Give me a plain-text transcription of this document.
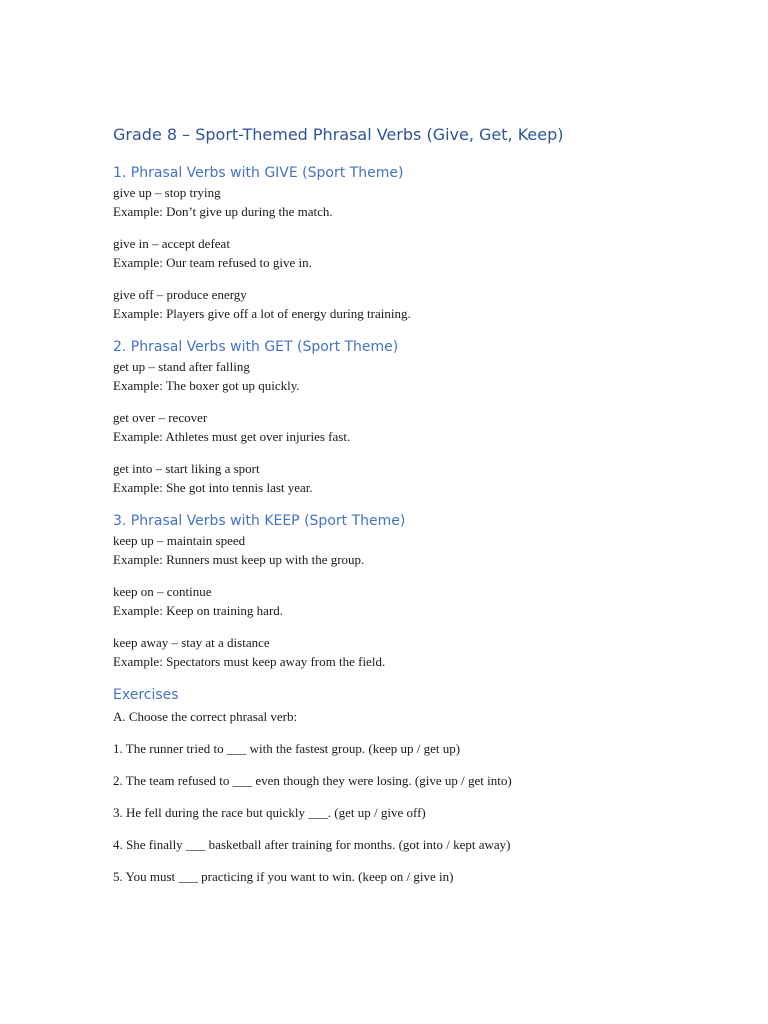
Grade 8 – Sport-Themed Phrasal Verbs (Give, Get, Keep)
1. Phrasal Verbs with GIVE (Sport Theme)
give up – stop trying
Example: Don’t give up during the match.
give in – accept defeat
Example: Our team refused to give in.
give off – produce energy
Example: Players give off a lot of energy during training.
2. Phrasal Verbs with GET (Sport Theme)
get up – stand after falling
Example: The boxer got up quickly.
get over – recover
Example: Athletes must get over injuries fast.
get into – start liking a sport
Example: She got into tennis last year.
3. Phrasal Verbs with KEEP (Sport Theme)
keep up – maintain speed
Example: Runners must keep up with the group.
keep on – continue
Example: Keep on training hard.
keep away – stay at a distance
Example: Spectators must keep away from the field.
Exercises
A. Choose the correct phrasal verb:
1. The runner tried to ___ with the fastest group. (keep up / get up)
2. The team refused to ___ even though they were losing. (give up / get into)
3. He fell during the race but quickly ___. (get up / give off)
4. She finally ___ basketball after training for months. (got into / kept away)
5. You must ___ practicing if you want to win. (keep on / give in)
